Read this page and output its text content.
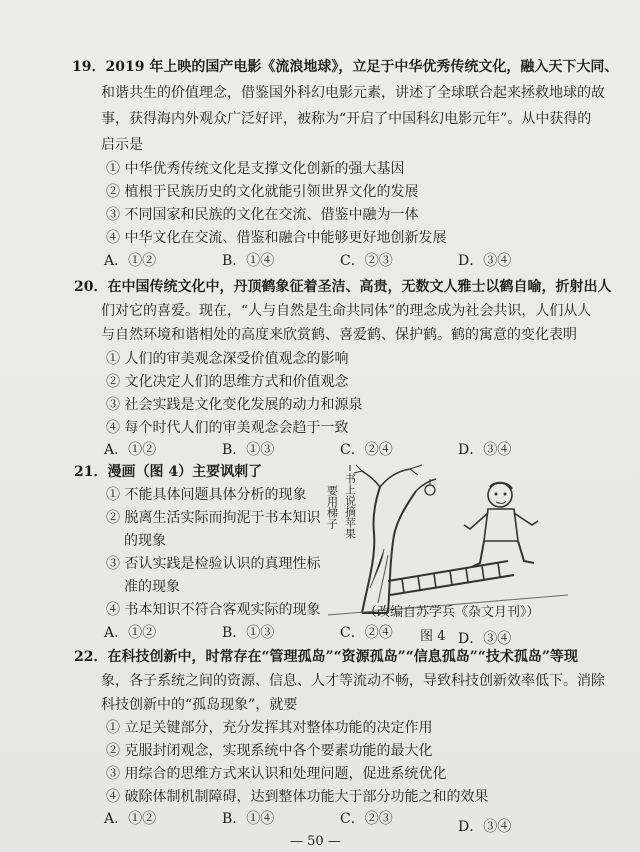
19．2019 年上映的国产电影《流浪地球》，立足于中华优秀传统文化，融入天下大同、
和谐共生的价值理念，借鉴国外科幻电影元素，讲述了全球联合起来拯救地球的故
事，获得海内外观众广泛好评，被称为“开启了中国科幻电影元年”。从中获得的
启示是
① 中华优秀传统文化是支撑文化创新的强大基因
② 植根于民族历史的文化就能引领世界文化的发展
③ 不同国家和民族的文化在交流、借鉴中融为一体
④ 中华文化在交流、借鉴和融合中能够更好地创新发展
A．①②	B．①④	C．②③	D．③④
20．在中国传统文化中，丹顶鹤象征着圣洁、高贵，无数文人雅士以鹤自喻，折射出人
们对它的喜爱。现在，“人与自然是生命共同体”的理念成为社会共识，人们从人
与自然环境和谐相处的高度来欣赏鹤、喜爱鹤、保护鹤。鹤的寓意的变化表明
① 人们的审美观念深受价值观念的影响
② 文化决定人们的思维方式和价值观念
③ 社会实践是文化变化发展的动力和源泉
④ 每个时代人们的审美观念会趋于一致
A．①②	B．①③	C．②④	D．③④
21．漫画（图 4）主要讽刺了
① 不能具体问题具体分析的现象
② 脱离生活实际而拘泥于书本知识
的现象
③ 否认实践是检验认识的真理性标
准的现象
④ 书本知识不符合客观实际的现象
A．①②	B．①③	C．②④	D．③④
书上说摘苹果
要用梯子
（改编自苏学兵《杂文月刊》）
图 4
22．在科技创新中，时常存在“管理孤岛”“资源孤岛”“信息孤岛”“技术孤岛”等现
象，各子系统之间的资源、信息、人才等流动不畅，导致科技创新效率低下。消除
科技创新中的“孤岛现象”，就要
① 立足关键部分，充分发挥其对整体功能的决定作用
② 克服封闭观念，实现系统中各个要素功能的最大化
③ 用综合的思维方式来认识和处理问题，促进系统优化
④ 破除体制机制障碍，达到整体功能大于部分功能之和的效果
A．①②	B．①④	C．②③	D．③④
— 50 —
